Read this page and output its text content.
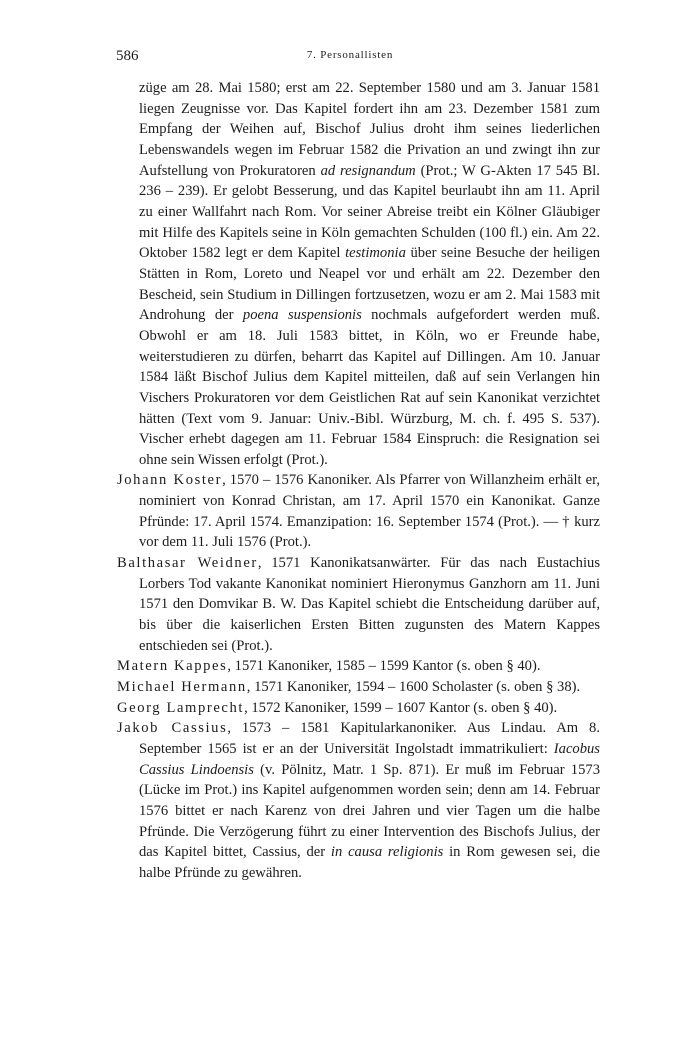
586	7. Personallisten

züge am 28. Mai 1580; erst am 22. September 1580 und am 3. Januar 1581 liegen Zeugnisse vor. Das Kapitel fordert ihn am 23. Dezember 1581 zum Empfang der Weihen auf, Bischof Julius droht ihm seines liederlichen Lebenswandels wegen im Februar 1582 die Privation an und zwingt ihn zur Aufstellung von Prokuratoren ad resignandum (Prot.; W G-Akten 17 545 Bl. 236 – 239). Er gelobt Besserung, und das Kapitel beurlaubt ihn am 11. April zu einer Wallfahrt nach Rom. Vor seiner Abreise treibt ein Kölner Gläubiger mit Hilfe des Kapitels seine in Köln gemachten Schulden (100 fl.) ein. Am 22. Oktober 1582 legt er dem Kapitel testimonia über seine Besuche der heiligen Stätten in Rom, Loreto und Neapel vor und erhält am 22. Dezember den Bescheid, sein Studium in Dillingen fortzusetzen, wozu er am 2. Mai 1583 mit Androhung der poena suspensionis nochmals aufgefordert werden muß. Obwohl er am 18. Juli 1583 bittet, in Köln, wo er Freunde habe, weiterstudieren zu dürfen, beharrt das Kapitel auf Dillingen. Am 10. Januar 1584 läßt Bischof Julius dem Kapitel mitteilen, daß auf sein Verlangen hin Vischers Prokuratoren vor dem Geistlichen Rat auf sein Kanonikat verzichtet hätten (Text vom 9. Januar: Univ.-Bibl. Würzburg, M. ch. f. 495 S. 537). Vischer erhebt dagegen am 11. Februar 1584 Einspruch: die Resignation sei ohne sein Wissen erfolgt (Prot.).

Johann Koster, 1570 – 1576 Kanoniker. Als Pfarrer von Willanzheim erhält er, nominiert von Konrad Christan, am 17. April 1570 ein Kanonikat. Ganze Pfründe: 17. April 1574. Emanzipation: 16. September 1574 (Prot.). — † kurz vor dem 11. Juli 1576 (Prot.).

Balthasar Weidner, 1571 Kanonikatsanwärter. Für das nach Eustachius Lorbers Tod vakante Kanonikat nominiert Hieronymus Ganzhorn am 11. Juni 1571 den Domvikar B. W. Das Kapitel schiebt die Entscheidung darüber auf, bis über die kaiserlichen Ersten Bitten zugunsten des Matern Kappes entschieden sei (Prot.).

Matern Kappes, 1571 Kanoniker, 1585 – 1599 Kantor (s. oben § 40).

Michael Hermann, 1571 Kanoniker, 1594 – 1600 Scholaster (s. oben § 38).

Georg Lamprecht, 1572 Kanoniker, 1599 – 1607 Kantor (s. oben § 40).

Jakob Cassius, 1573 – 1581 Kapitularkanoniker. Aus Lindau. Am 8. September 1565 ist er an der Universität Ingolstadt immatrikuliert: Iacobus Cassius Lindoensis (v. Pölnitz, Matr. 1 Sp. 871). Er muß im Februar 1573 (Lücke im Prot.) ins Kapitel aufgenommen worden sein; denn am 14. Februar 1576 bittet er nach Karenz von drei Jahren und vier Tagen um die halbe Pfründe. Die Verzögerung führt zu einer Intervention des Bischofs Julius, der das Kapitel bittet, Cassius, der in causa religionis in Rom gewesen sei, die halbe Pfründe zu gewähren.
